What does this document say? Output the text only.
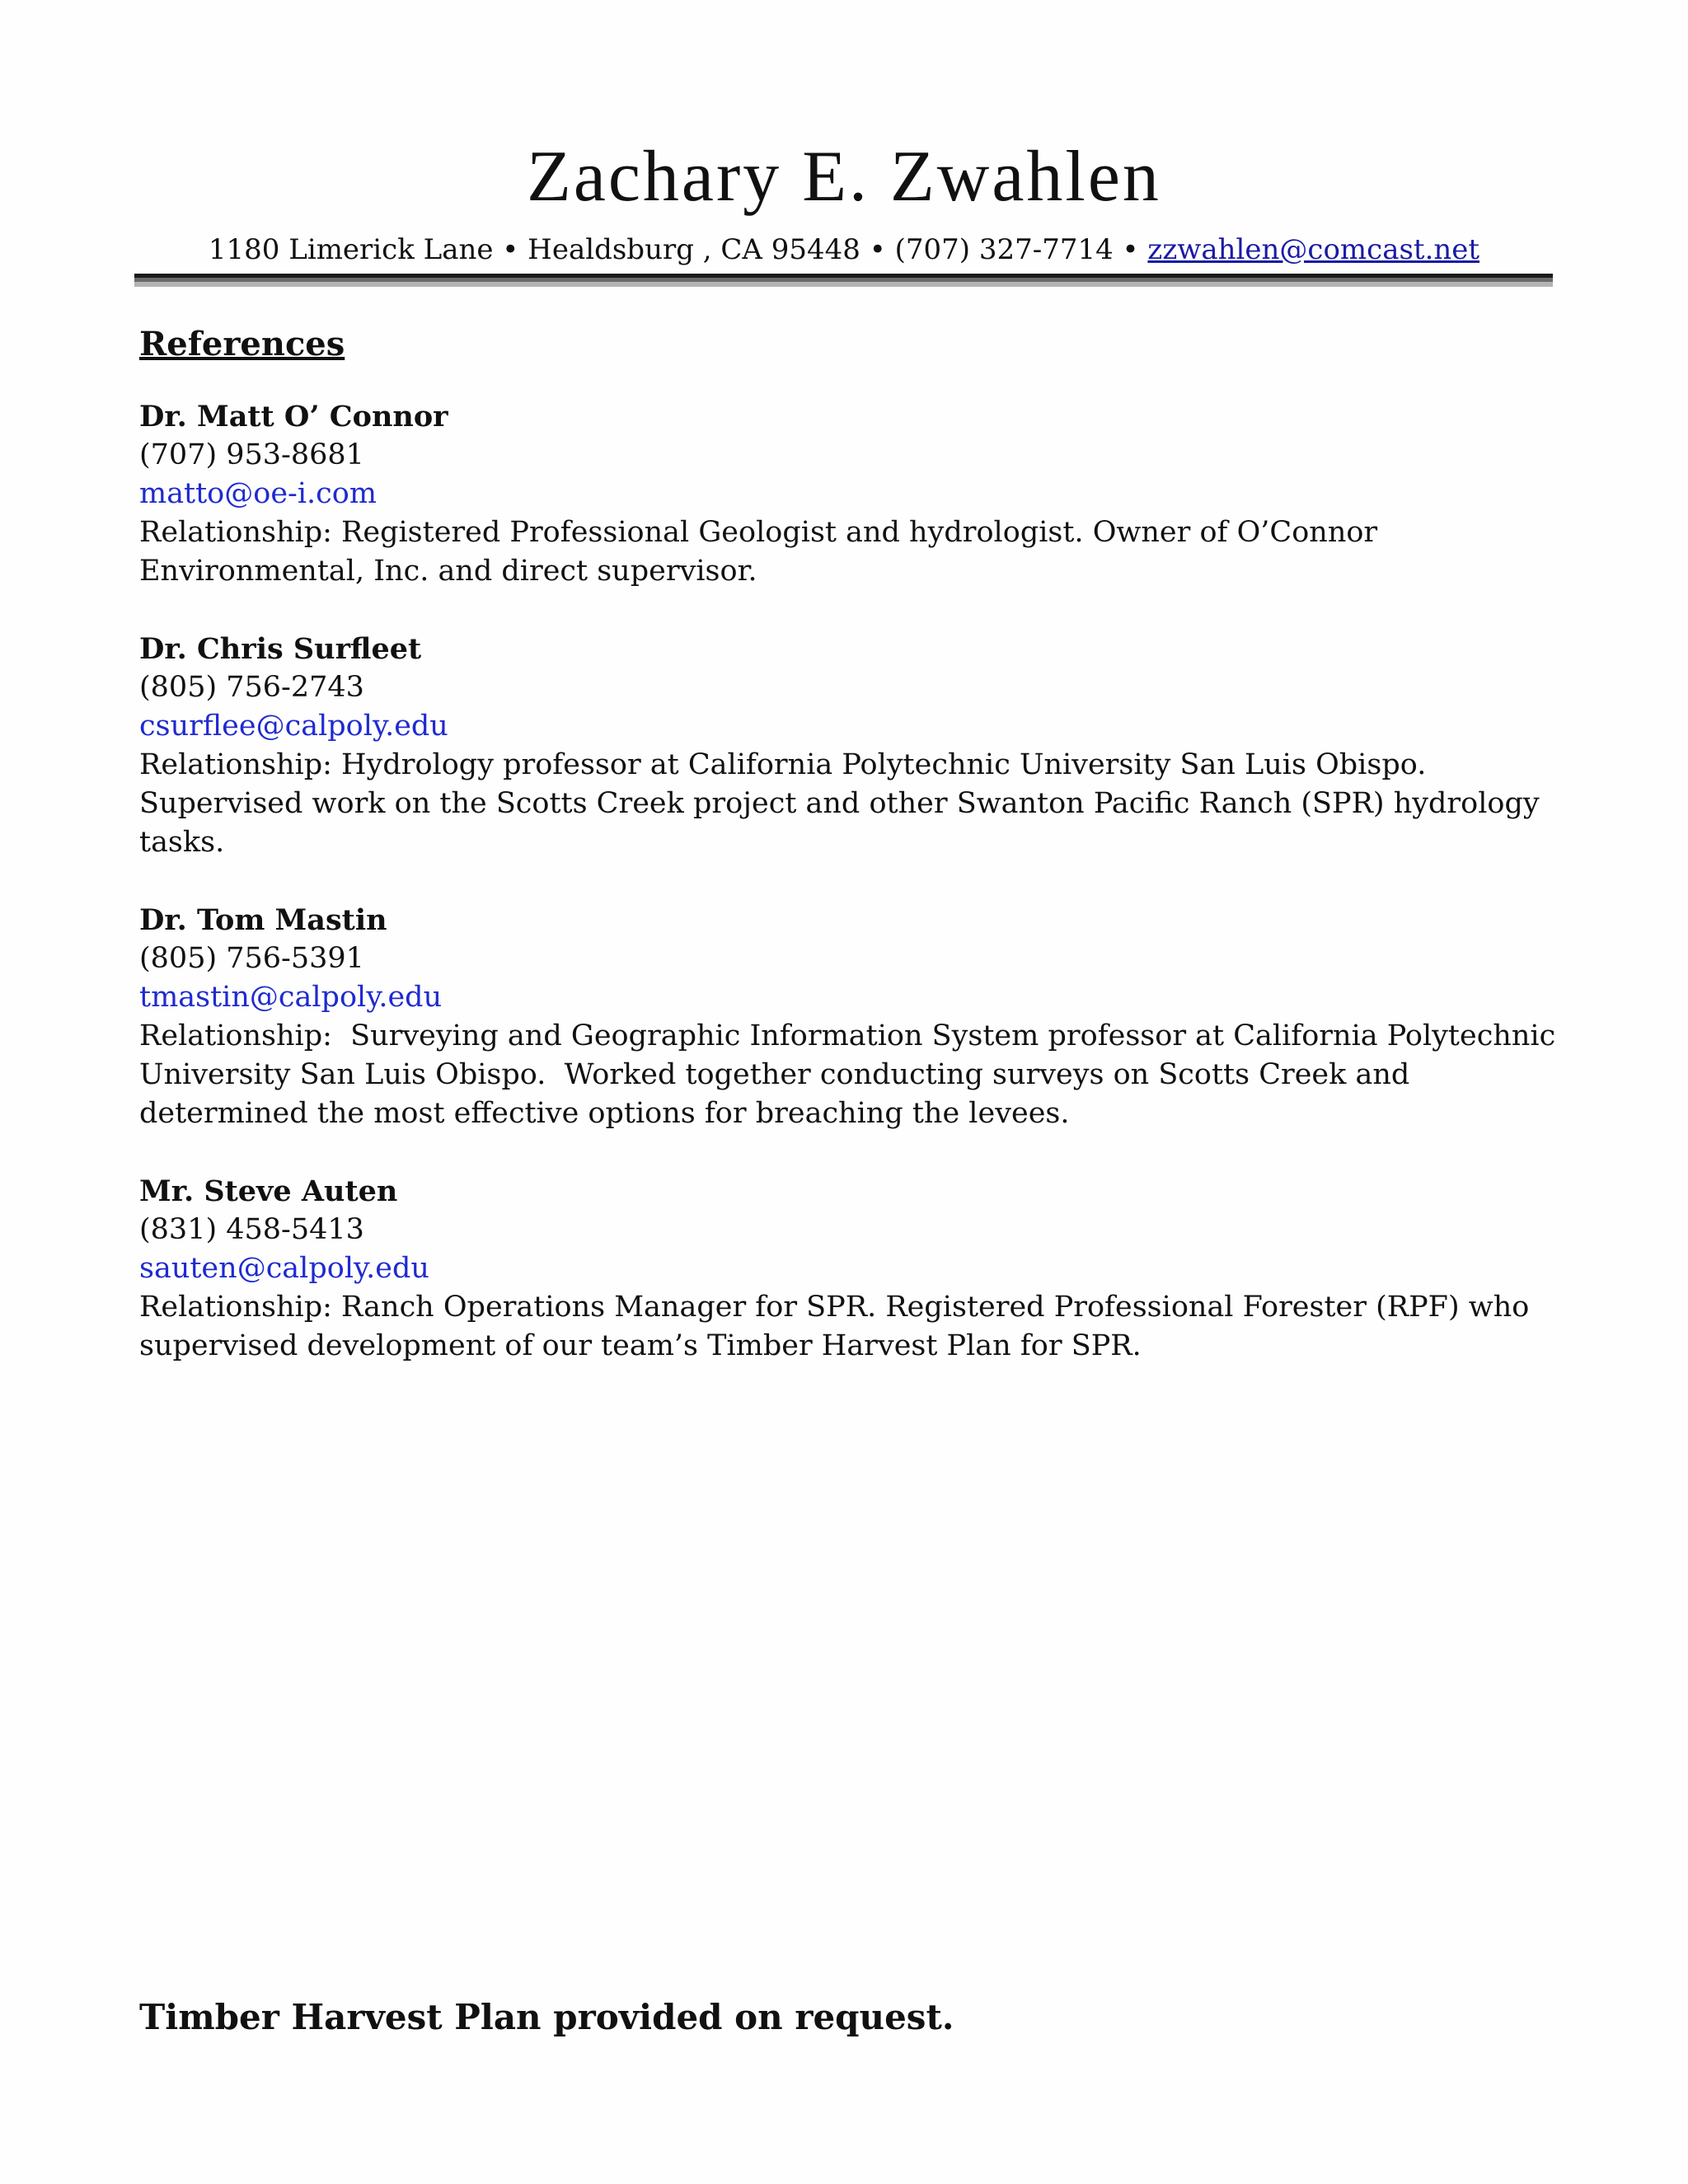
Zachary E. Zwahlen
1180 Limerick Lane • Healdsburg , CA 95448 • (707) 327-7714 • zzwahlen@comcast.net
References
Dr. Matt O’ Connor
(707) 953-8681
matto@oe-i.com
Relationship: Registered Professional Geologist and hydrologist. Owner of O’Connor Environmental, Inc. and direct supervisor.
Dr. Chris Surfleet
(805) 756-2743
csurflee@calpoly.edu
Relationship: Hydrology professor at California Polytechnic University San Luis Obispo. Supervised work on the Scotts Creek project and other Swanton Pacific Ranch (SPR) hydrology tasks.
Dr. Tom Mastin
(805) 756-5391
tmastin@calpoly.edu
Relationship:  Surveying and Geographic Information System professor at California Polytechnic University San Luis Obispo.  Worked together conducting surveys on Scotts Creek and determined the most effective options for breaching the levees.
Mr. Steve Auten
(831) 458-5413
sauten@calpoly.edu
Relationship: Ranch Operations Manager for SPR. Registered Professional Forester (RPF) who supervised development of our team’s Timber Harvest Plan for SPR.
Timber Harvest Plan provided on request.
